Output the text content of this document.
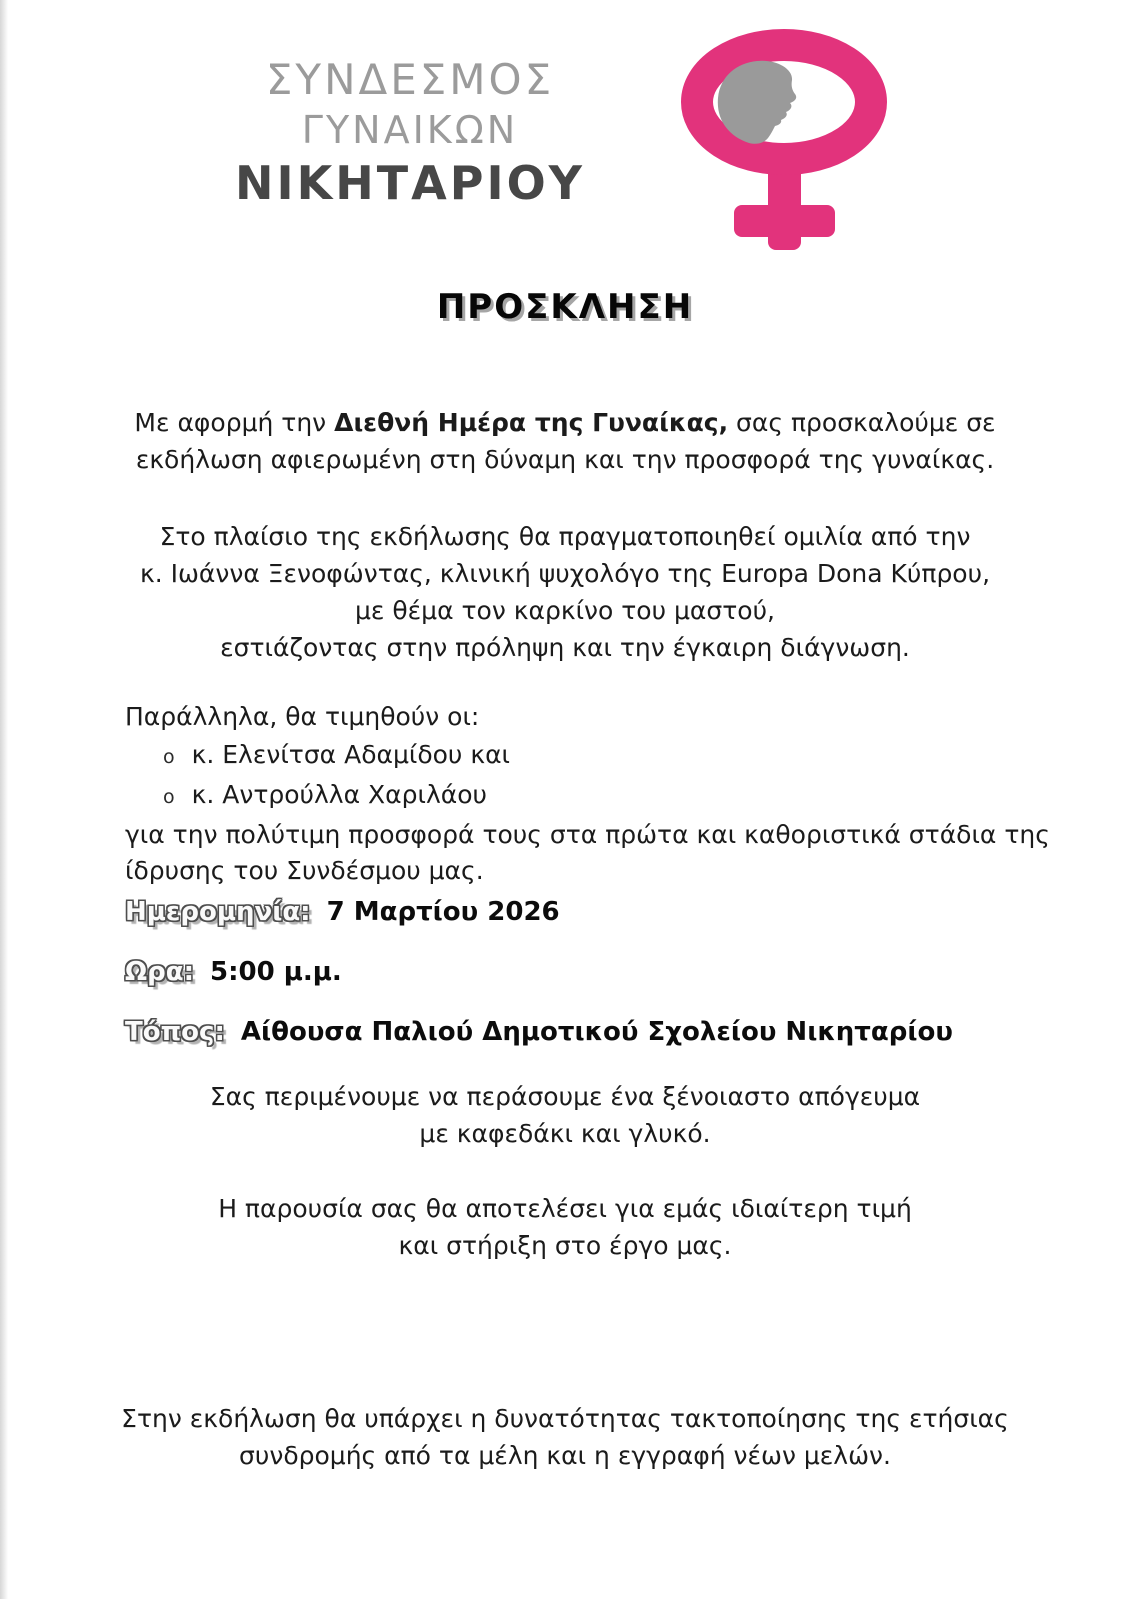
ΣΥΝΔΕΣΜΟΣ
ΓΥΝΑΙΚΩΝ
ΝΙΚΗΤΑΡΙΟΥ
ΠΡΟΣΚΛΗΣΗ
Με αφορμή την Διεθνή Ημέρα της Γυναίκας, σας προσκαλούμε σε
εκδήλωση αφιερωμένη στη δύναμη και την προσφορά της γυναίκας.
Στο πλαίσιο της εκδήλωσης θα πραγματοποιηθεί ομιλία από την
κ. Ιωάννα Ξενοφώντας, κλινική ψυχολόγο της Europa Dona Κύπρου,
με θέμα τον καρκίνο του μαστού,
εστιάζοντας στην πρόληψη και την έγκαιρη διάγνωση.
Παράλληλα, θα τιμηθούν οι:
o κ. Ελενίτσα Αδαμίδου και
o κ. Αντρούλλα Χαριλάου
για την πολύτιμη προσφορά τους στα πρώτα και καθοριστικά στάδια της
ίδρυσης του Συνδέσμου μας.
Ημερομηνία: 7 Μαρτίου 2026
Ωρα: 5:00 μ.μ.
Τόπος: Αίθουσα Παλιού Δημοτικού Σχολείου Νικηταρίου
Σας περιμένουμε να περάσουμε ένα ξένοιαστο απόγευμα
με καφεδάκι και γλυκό.
Η παρουσία σας θα αποτελέσει για εμάς ιδιαίτερη τιμή
και στήριξη στο έργο μας.
Στην εκδήλωση θα υπάρχει η δυνατότητας τακτοποίησης της ετήσιας
συνδρομής από τα μέλη και η εγγραφή νέων μελών.
